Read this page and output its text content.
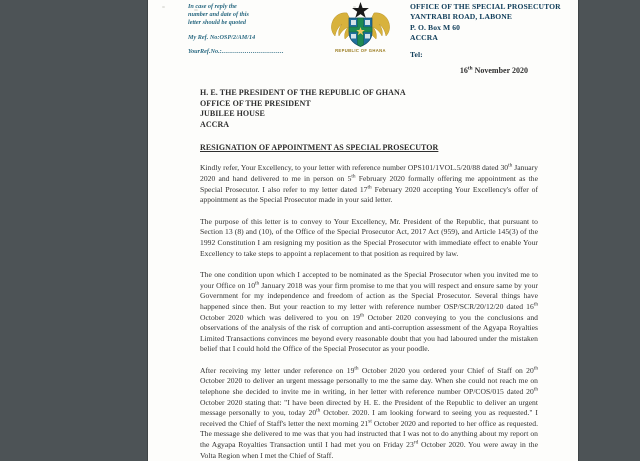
In case of reply the
number and date of this
letter should be quoted
My Ref. No:OSP/2/AM/14
YourRef.No.:................................	REPUBLIC OF GHANA
OFFICE OF THE SPECIAL PROSECUTOR
YANTRABI ROAD, LABONE
P. O. Box M 60
ACCRA
Tel:
16th November 2020
H. E. THE PRESIDENT OF THE REPUBLIC OF GHANA
OFFICE OF THE PRESIDENT
JUBILEE HOUSE
ACCRA
RESIGNATION OF APPOINTMENT AS SPECIAL PROSECUTOR

Kindly refer, Your Excellency, to your letter with reference number OPS101/1VOL.5/20/88 dated 30th January 2020 and hand delivered to me in person on 5th February 2020 formally offering me appointment as the Special Prosecutor. I also refer to my letter dated 17th February 2020 accepting Your Excellency's offer of appointment as the Special Prosecutor made in your said letter.

The purpose of this letter is to convey to Your Excellency, Mr. President of the Republic, that pursuant to Section 13 (8) and (10), of the Office of the Special Prosecutor Act, 2017 Act (959), and Article 145(3) of the 1992 Constitution I am resigning my position as the Special Prosecutor with immediate effect to enable Your Excellency to take steps to appoint a replacement to that position as required by law.

The one condition upon which I accepted to be nominated as the Special Prosecutor when you invited me to your Office on 10th January 2018 was your firm promise to me that you will respect and ensure same by your Government for my independence and freedom of action as the Special Prosecutor. Several things have happened since then. But your reaction to my letter with reference number OSP/SCR/20/12/20 dated 16th October 2020 which was delivered to you on 19th October 2020 conveying to you the conclusions and observations of the analysis of the risk of corruption and anti-corruption assessment of the Agyapa Royalties Limited Transactions convinces me beyond every reasonable doubt that you had laboured under the mistaken belief that I could hold the Office of the Special Prosecutor as your poodle.

After receiving my letter under reference on 19th October 2020 you ordered your Chief of Staff on 20th October 2020 to deliver an urgent message personally to me the same day. When she could not reach me on telephone she decided to invite me in writing, in her letter with reference number OP/COS/015 dated 20th October 2020 stating that: "I have been directed by H. E. the President of the Republic to deliver an urgent message personally to you, today 20th October. 2020. I am looking forward to seeing you as requested." I received the Chief of Staff's letter the next morning 21st October 2020 and reported to her office as requested. The message she delivered to me was that you had instructed that I was not to do anything about my report on the Agyapa Royalties Transaction until I had met you on Friday 23rd October 2020. You were away in the Volta Region when I met the Chief of Staff.
